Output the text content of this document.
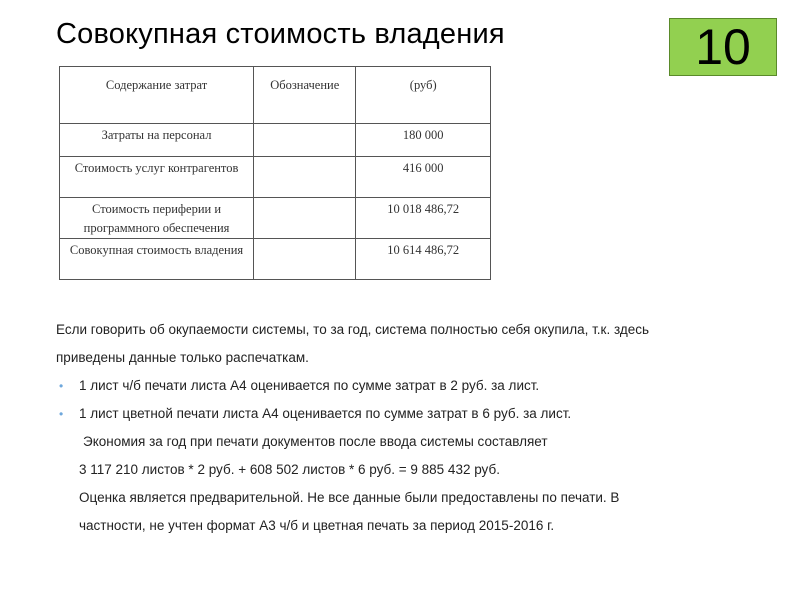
Совокупная стоимость владения	10
Содержание затрат	Обозначение	(руб)
Затраты на персонал		180 000
Стоимость услуг контрагентов		416 000
Стоимость периферии и программного обеспечения		10 018 486,72
Совокупная стоимость владения		10 614 486,72

Если говорить об окупаемости системы, то за год, система полностью себя окупила, т.к. здесь

приведены данные только распечаткам.

• 1 лист ч/б печати листа А4 оценивается по сумме затрат в 2 руб. за лист.
• 1 лист цветной печати листа А4 оценивается по сумме затрат в 6 руб. за лист.
Экономия за год при печати документов после ввода системы составляет
3 117 210 листов * 2 руб. + 608 502 листов * 6 руб. = 9 885 432 руб.
Оценка является предварительной. Не все данные были предоставлены по печати. В
частности, не учтен формат А3 ч/б и цветная печать за период 2015-2016 г.
